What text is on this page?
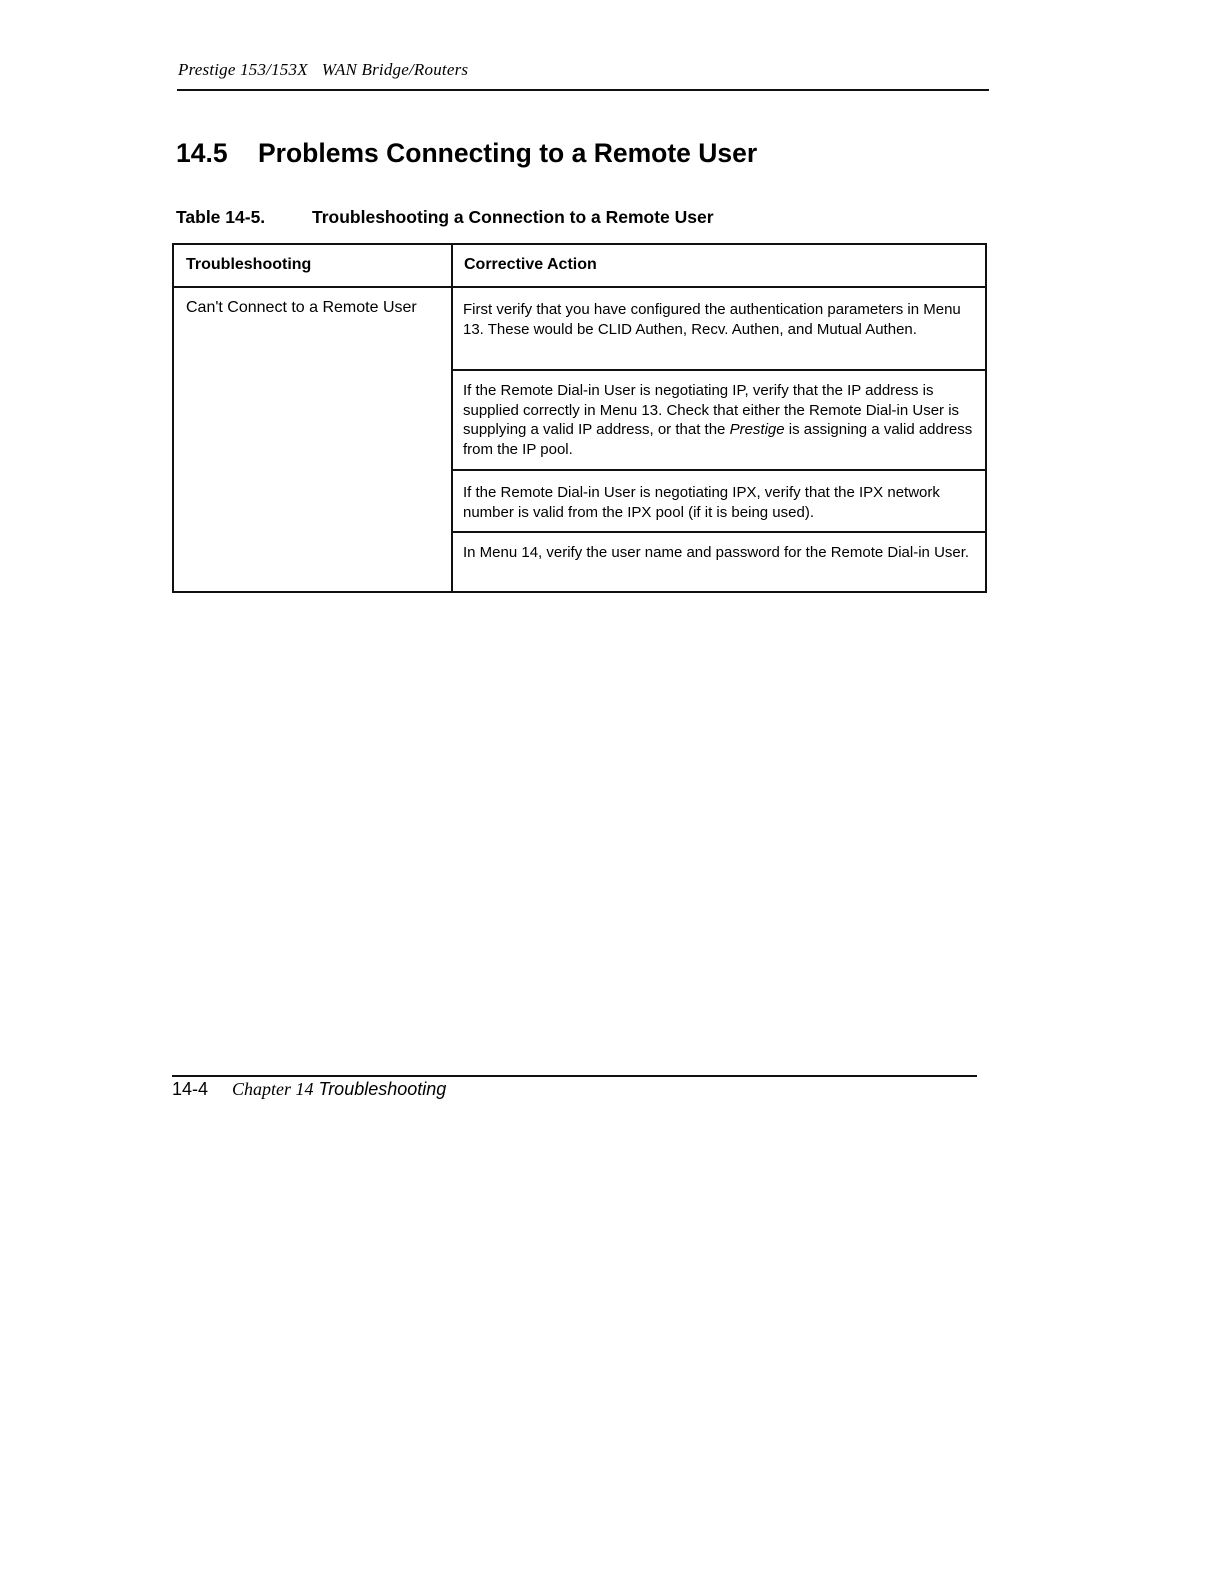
Prestige 153/153X WAN Bridge/Routers
14.5 Problems Connecting to a Remote User
Table 14-5.	Troubleshooting a Connection to a Remote User
Troubleshooting	Corrective Action
Can't Connect to a Remote User	First verify that you have configured the authentication parameters in Menu 13. These would be CLID Authen, Recv. Authen, and Mutual Authen.
If the Remote Dial-in User is negotiating IP, verify that the IP address is supplied correctly in Menu 13. Check that either the Remote Dial-in User is supplying a valid IP address, or that the Prestige is assigning a valid address from the IP pool.
If the Remote Dial-in User is negotiating IPX, verify that the IPX network number is valid from the IPX pool (if it is being used).
In Menu 14, verify the user name and password for the Remote Dial-in User.
14-4 Chapter 14 Troubleshooting
